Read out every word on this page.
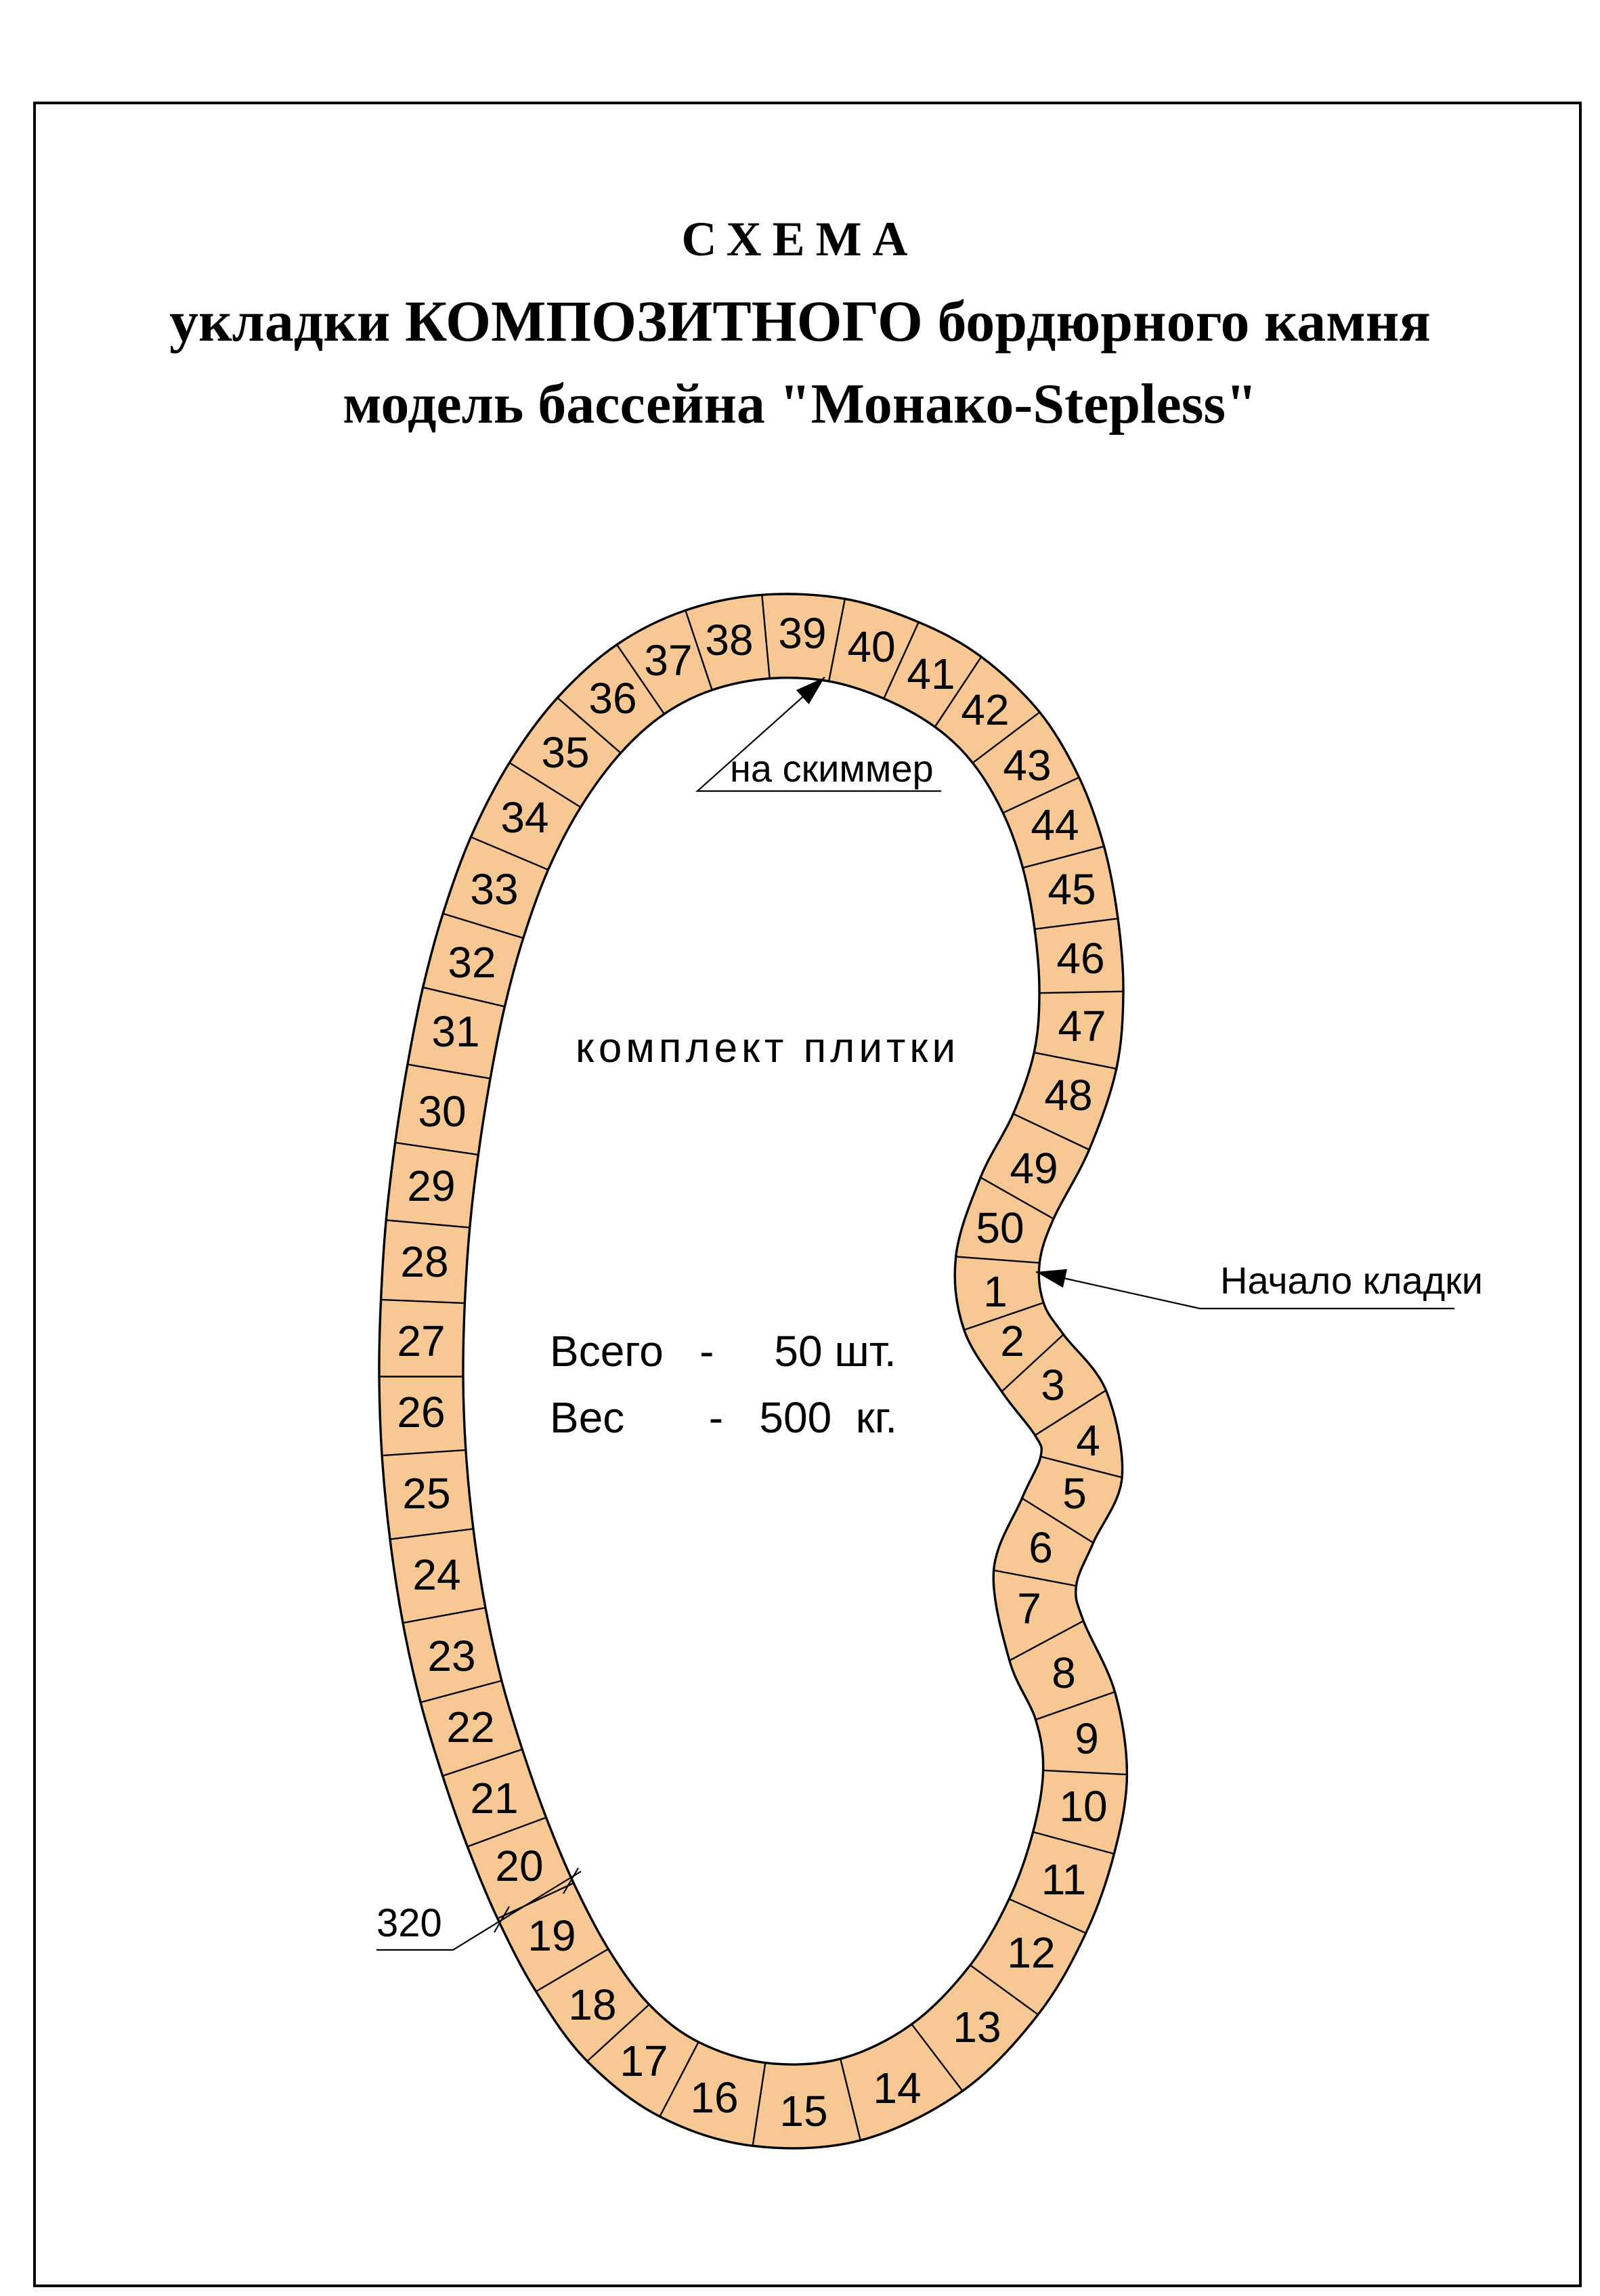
СХЕМА
укладки КОМПОЗИТНОГО бордюрного камня
модель бассейна "Монако-Stepless"
1
2
3
4
5
6
7
8
9
10
11
12
13
14
15
16
17
18
19
20
21
22
23
24
25
26
27
28
29
30
31
32
33
34
35
36
37 38 39 40
41
42
43
44
45
46
47
48
49
50
комплект плитки
Всего   -     50 шт.
Вес       -   500  кг.
на скиммер
Начало кладки
320
